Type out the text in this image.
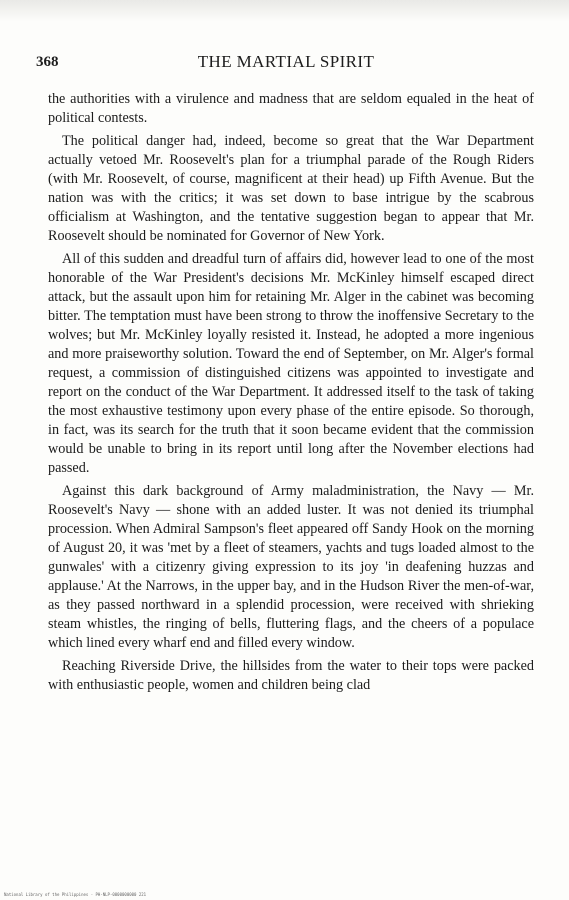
368	THE MARTIAL SPIRIT

the authorities with a virulence and madness that are seldom equaled in the heat of political contests.

The political danger had, indeed, become so great that the War Department actually vetoed Mr. Roosevelt's plan for a triumphal parade of the Rough Riders (with Mr. Roosevelt, of course, magnificent at their head) up Fifth Avenue. But the nation was with the critics; it was set down to base intrigue by the scabrous officialism at Washington, and the tentative suggestion began to appear that Mr. Roosevelt should be nominated for Governor of New York.

All of this sudden and dreadful turn of affairs did, however lead to one of the most honorable of the War President's decisions Mr. McKinley himself escaped direct attack, but the assault upon him for retaining Mr. Alger in the cabinet was becoming bitter. The temptation must have been strong to throw the inoffensive Secretary to the wolves; but Mr. McKinley loyally resisted it. Instead, he adopted a more ingenious and more praiseworthy solution. Toward the end of September, on Mr. Alger's formal request, a commission of distinguished citizens was appointed to investigate and report on the conduct of the War Department. It addressed itself to the task of taking the most exhaustive testimony upon every phase of the entire episode. So thorough, in fact, was its search for the truth that it soon became evident that the commission would be unable to bring in its report until long after the November elections had passed.

Against this dark background of Army maladministration, the Navy — Mr. Roosevelt's Navy — shone with an added luster. It was not denied its triumphal procession. When Admiral Sampson's fleet appeared off Sandy Hook on the morning of August 20, it was 'met by a fleet of steamers, yachts and tugs loaded almost to the gunwales' with a citizenry giving expression to its joy 'in deafening huzzas and applause.' At the Narrows, in the upper bay, and in the Hudson River the men-of-war, as they passed northward in a splendid procession, were received with shrieking steam whistles, the ringing of bells, fluttering flags, and the cheers of a populace which lined every wharf end and filled every window.

Reaching Riverside Drive, the hillsides from the water to their tops were packed with enthusiastic people, women and children being clad

National Library of the Philippines · PH-NLP-0000000000 221
